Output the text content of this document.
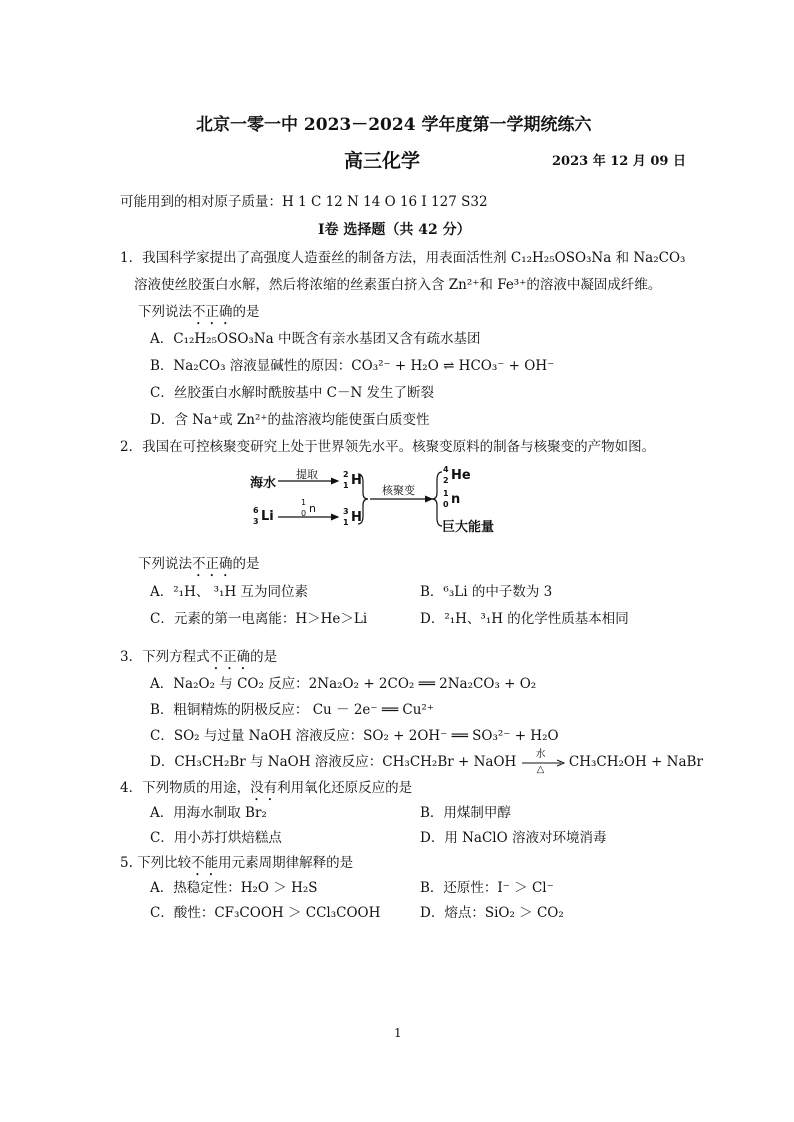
北京一零一中 2023－2024 学年度第一学期统练六
高三化学	2023 年 12 月 09 日
可能用到的相对原子质量：H 1 C 12 N 14 O 16 I 127 S32
I卷 选择题（共 42 分）
1．我国科学家提出了高强度人造蚕丝的制备方法，用表面活性剂 C₁₂H₂₅OSO₃Na 和 Na₂CO₃
溶液使丝胶蛋白水解，然后将浓缩的丝素蛋白挤入含 Zn²⁺和 Fe³⁺的溶液中凝固成纤维。
下列说法不正确的是
A．C₁₂H₂₅OSO₃Na 中既含有亲水基团又含有疏水基团
B．Na₂CO₃ 溶液显碱性的原因：CO₃²⁻ + H₂O ⇌ HCO₃⁻ + OH⁻
C．丝胶蛋白水解时酰胺基中 C－N 发生了断裂
D．含 Na⁺或 Zn²⁺的盐溶液均能使蛋白质变性
2．我国在可控核聚变研究上处于世界领先水平。核聚变原料的制备与核聚变的产物如图。
海水
提取	2
1 H
6
3 Li
1
0 n	3
1 H
核聚变
4
2 He
1
0 n
巨大能量
下列说法不正确的是
A．²₁H、 ³₁H 互为同位素	B．⁶₃Li 的中子数为 3
C．元素的第一电离能：H＞He＞Li	D．²₁H、³₁H 的化学性质基本相同
3．下列方程式不正确的是
A．Na₂O₂ 与 CO₂ 反应：2Na₂O₂ + 2CO₂ ══ 2Na₂CO₃ + O₂
B．粗铜精炼的阴极反应： Cu － 2e⁻ ══ Cu²⁺
C．SO₂ 与过量 NaOH 溶液反应：SO₂ + 2OH⁻ ══ SO₃²⁻ + H₂O
D．CH₃CH₂Br 与 NaOH 溶液反应：CH₃CH₂Br + NaOH 水
△ CH₃CH₂OH + NaBr
4．下列物质的用途，没有利用氧化还原反应的是
A．用海水制取 Br₂	B．用煤制甲醇
C．用小苏打烘焙糕点	D．用 NaClO 溶液对环境消毒
5. 下列比较不能用元素周期律解释的是
A．热稳定性：H₂O ＞ H₂S	B．还原性：I⁻ ＞ Cl⁻
C．酸性：CF₃COOH ＞ CCl₃COOH	D．熔点：SiO₂ ＞ CO₂
1
